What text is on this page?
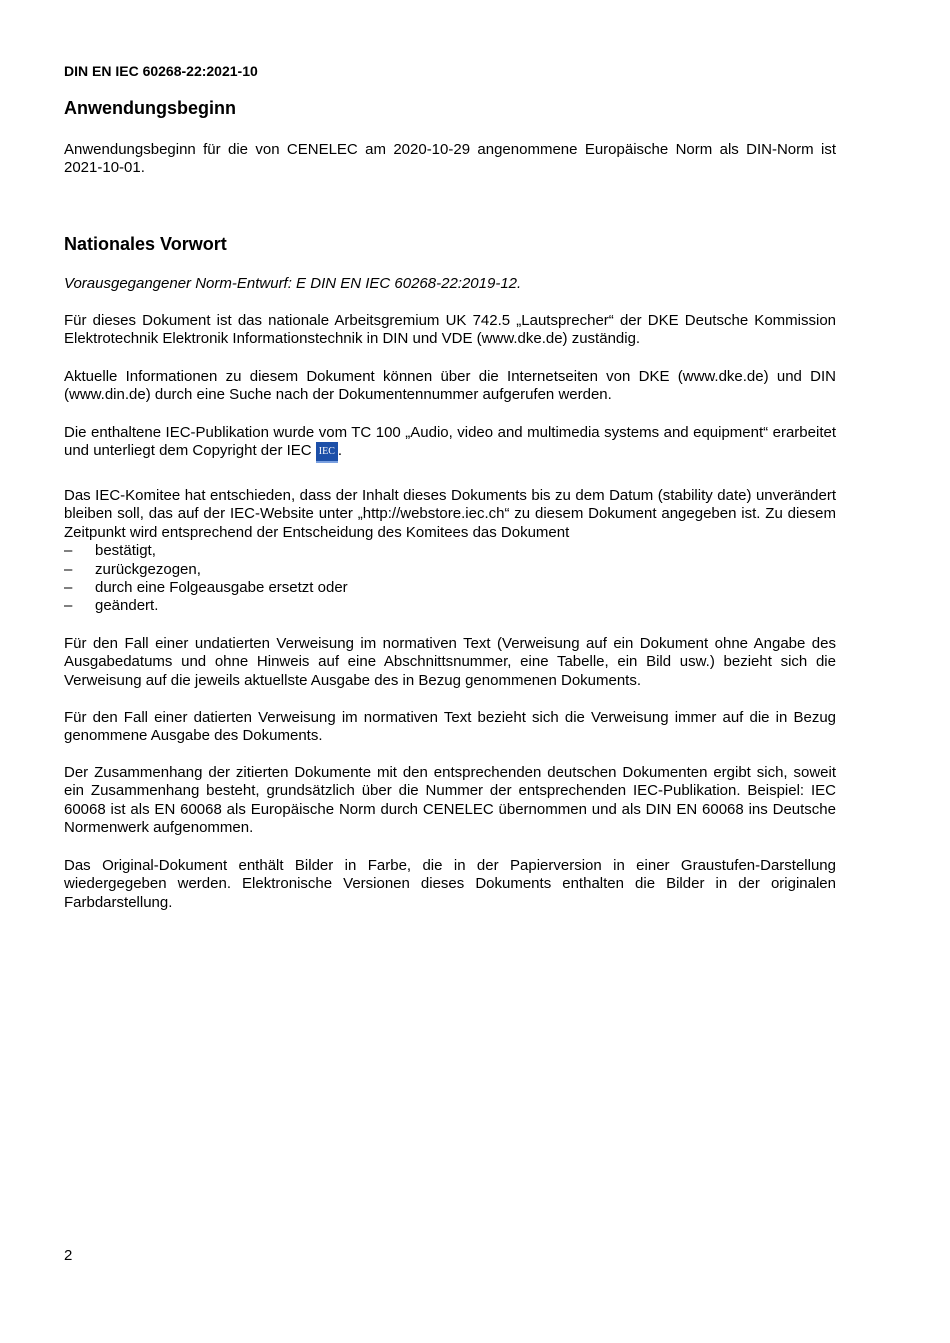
DIN EN IEC 60268-22:2021-10
Anwendungsbeginn
Anwendungsbeginn für die von CENELEC am 2020-10-29 angenommene Europäische Norm als DIN-Norm ist 2021-10-01.
Nationales Vorwort
Vorausgegangener Norm-Entwurf: E DIN EN IEC 60268-22:2019-12.
Für dieses Dokument ist das nationale Arbeitsgremium UK 742.5 „Lautsprecher“ der DKE Deutsche Kommission Elektrotechnik Elektronik Informationstechnik in DIN und VDE (www.dke.de) zuständig.
Aktuelle Informationen zu diesem Dokument können über die Internetseiten von DKE (www.dke.de) und DIN (www.din.de) durch eine Suche nach der Dokumentennummer aufgerufen werden.
Die enthaltene IEC-Publikation wurde vom TC 100 „Audio, video and multimedia systems and equipment“ erarbeitet und unterliegt dem Copyright der IEC IEC .
Das IEC-Komitee hat entschieden, dass der Inhalt dieses Dokuments bis zu dem Datum (stability date) unverändert bleiben soll, das auf der IEC-Website unter „http://webstore.iec.ch“ zu diesem Dokument angegeben ist. Zu diesem Zeitpunkt wird entsprechend der Entscheidung des Komitees das Dokument
– bestätigt,
– zurückgezogen,
– durch eine Folgeausgabe ersetzt oder
– geändert.
Für den Fall einer undatierten Verweisung im normativen Text (Verweisung auf ein Dokument ohne Angabe des Ausgabedatums und ohne Hinweis auf eine Abschnittsnummer, eine Tabelle, ein Bild usw.) bezieht sich die Verweisung auf die jeweils aktuellste Ausgabe des in Bezug genommenen Dokuments.
Für den Fall einer datierten Verweisung im normativen Text bezieht sich die Verweisung immer auf die in Bezug genommene Ausgabe des Dokuments.
Der Zusammenhang der zitierten Dokumente mit den entsprechenden deutschen Dokumenten ergibt sich, soweit ein Zusammenhang besteht, grundsätzlich über die Nummer der entsprechenden IEC-Publikation. Beispiel: IEC 60068 ist als EN 60068 als Europäische Norm durch CENELEC übernommen und als DIN EN 60068 ins Deutsche Normenwerk aufgenommen.
Das Original-Dokument enthält Bilder in Farbe, die in der Papierversion in einer Graustufen-Darstellung wiedergegeben werden. Elektronische Versionen dieses Dokuments enthalten die Bilder in der originalen Farbdarstellung.
2
